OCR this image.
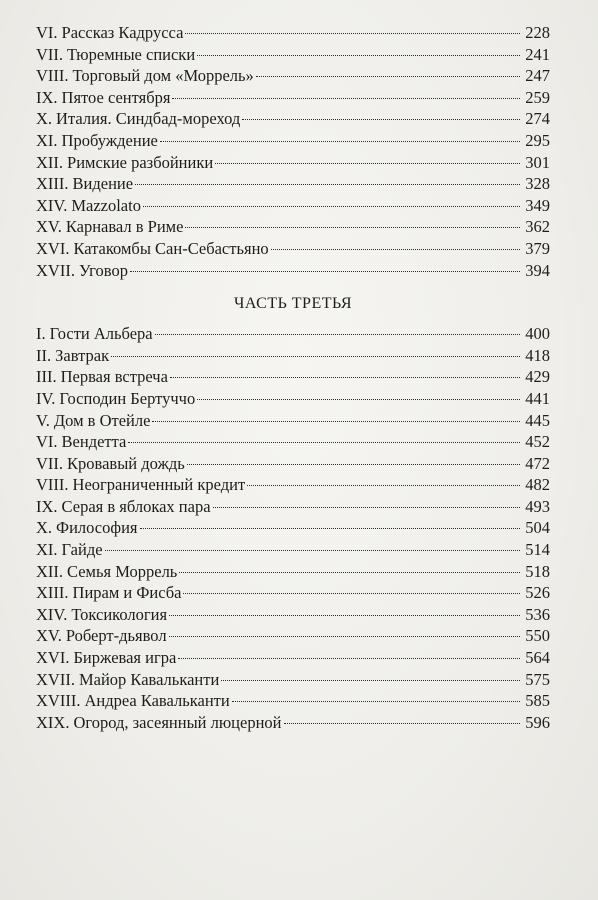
VI. Рассказ Кадрусса	228
VII. Тюремные списки	241
VIII. Торговый дом «Моррель»	247
IX. Пятое сентября	259
X. Италия. Синдбад-мореход	274
XI. Пробуждение	295
XII. Римские разбойники	301
XIII. Видение	328
XIV. Mazzolato	349
XV. Карнавал в Риме	362
XVI. Катакомбы Сан-Себастьяно	379
XVII. Уговор	394
ЧАСТЬ ТРЕТЬЯ
I. Гости Альбера	400
II. Завтрак	418
III. Первая встреча	429
IV. Господин Бертуччо	441
V. Дом в Отейле	445
VI. Вендетта	452
VII. Кровавый дождь	472
VIII. Неограниченный кредит	482
IX. Серая в яблоках пара	493
X. Философия	504
XI. Гайде	514
XII. Семья Моррель	518
XIII. Пирам и Фисба	526
XIV. Токсикология	536
XV. Роберт-дьявол	550
XVI. Биржевая игра	564
XVII. Майор Кавальканти	575
XVIII. Андреа Кавальканти	585
XIX. Огород, засеянный люцерной	596
